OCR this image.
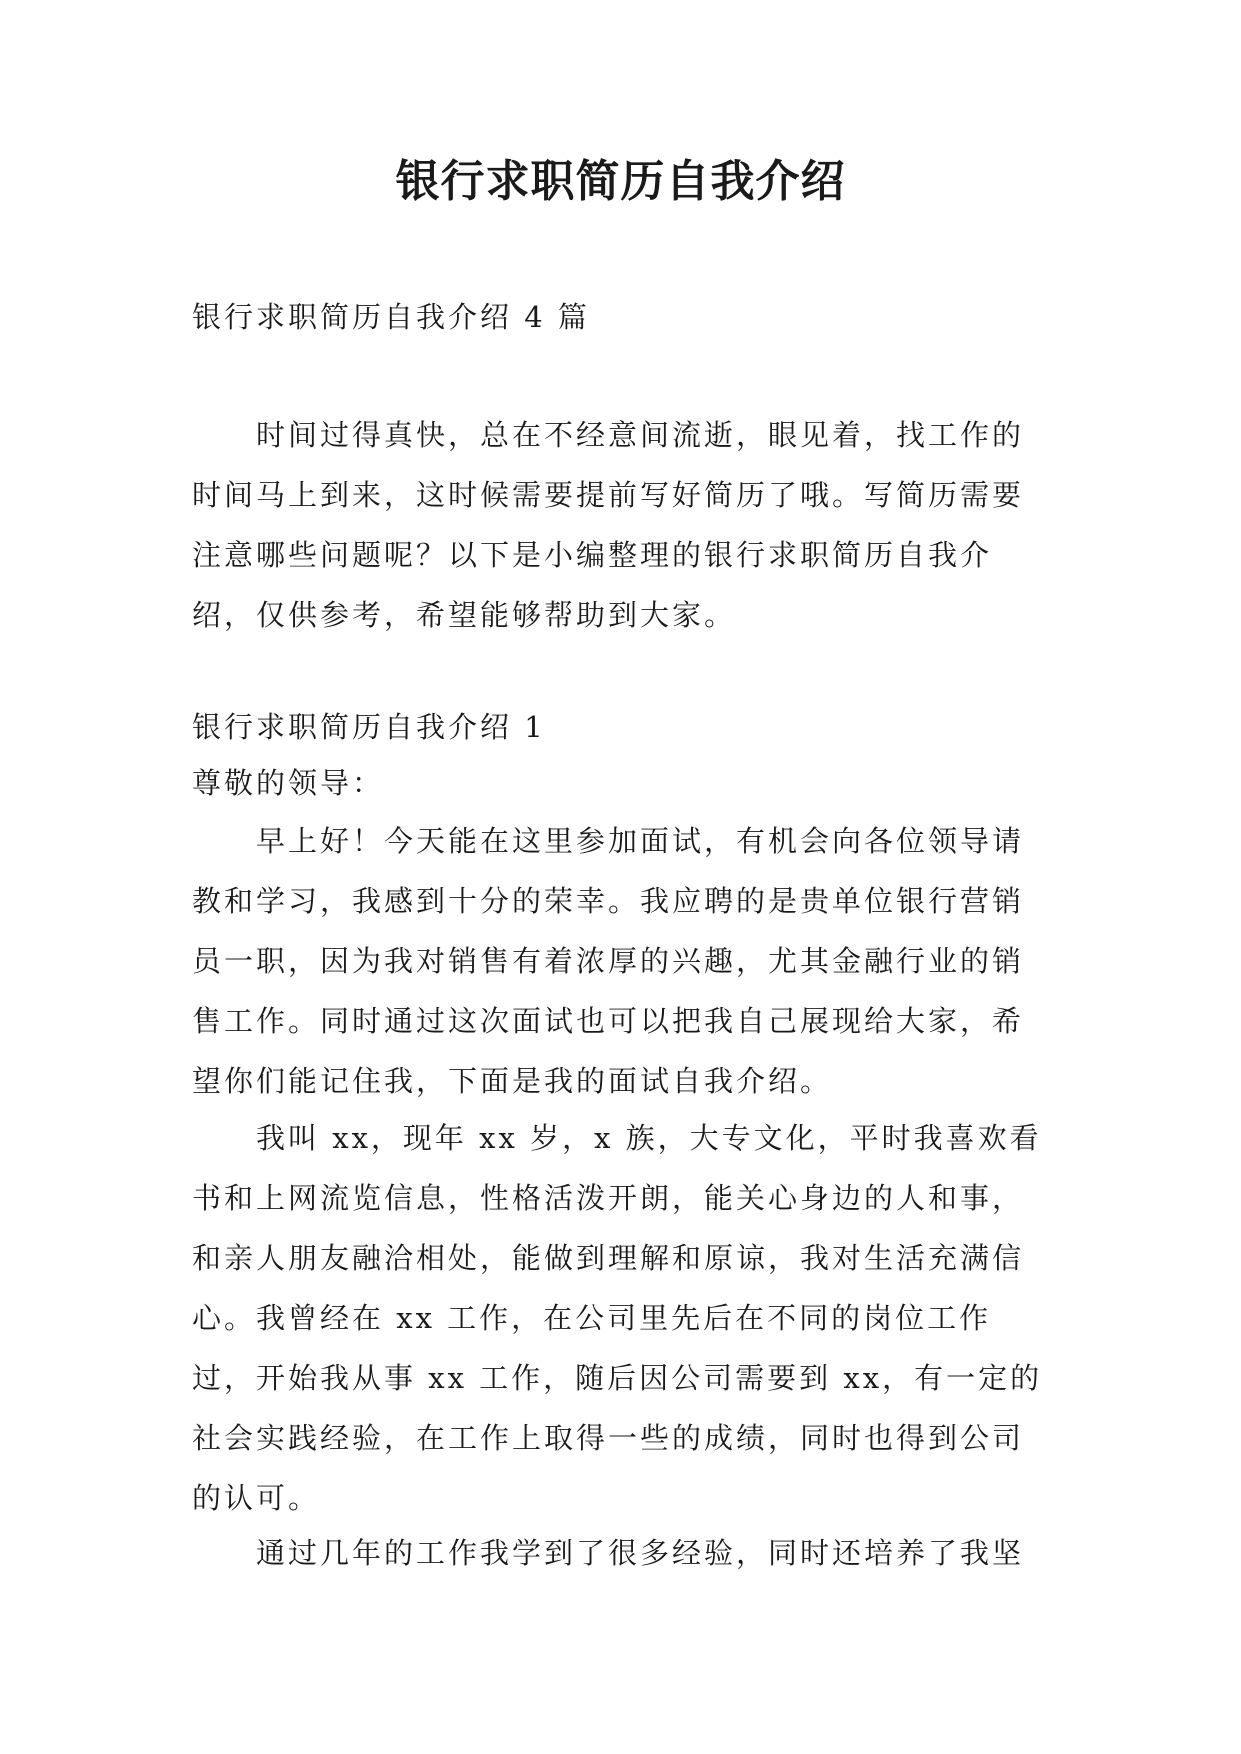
银行求职简历自我介绍
银行求职简历自我介绍 4 篇

时间过得真快，总在不经意间流逝，眼见着，找工作的时间马上到来，这时候需要提前写好简历了哦。写简历需要注意哪些问题呢？以下是小编整理的银行求职简历自我介绍，仅供参考，希望能够帮助到大家。

银行求职简历自我介绍 1
尊敬的领导：

早上好！今天能在这里参加面试，有机会向各位领导请教和学习，我感到十分的荣幸。我应聘的是贵单位银行营销员一职，因为我对销售有着浓厚的兴趣，尤其金融行业的销售工作。同时通过这次面试也可以把我自己展现给大家，希望你们能记住我，下面是我的面试自我介绍。

我叫 xx，现年 xx 岁，x 族，大专文化，平时我喜欢看书和上网流览信息，性格活泼开朗，能关心身边的人和事，和亲人朋友融洽相处，能做到理解和原谅，我对生活充满信心。我曾经在 xx 工作，在公司里先后在不同的岗位工作过，开始我从事 xx 工作，随后因公司需要到 xx，有一定的社会实践经验，在工作上取得一些的成绩，同时也得到公司的认可。

通过几年的工作我学到了很多经验，同时还培养了我坚
